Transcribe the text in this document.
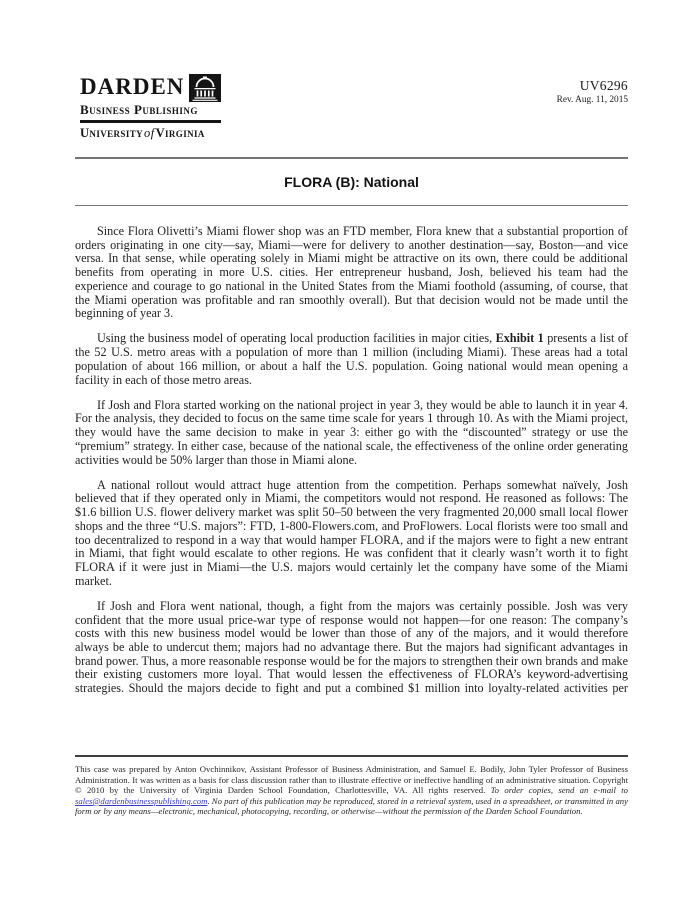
DARDEN
Business Publishing
UniversityofVirginia
UV6296
Rev. Aug. 11, 2015
FLORA (B): National

Since Flora Olivetti’s Miami flower shop was an FTD member, Flora knew that a substantial proportion of orders originating in one city—say, Miami—were for delivery to another destination—say, Boston—and vice versa. In that sense, while operating solely in Miami might be attractive on its own, there could be additional benefits from operating in more U.S. cities. Her entrepreneur husband, Josh, believed his team had the experience and courage to go national in the United States from the Miami foothold (assuming, of course, that the Miami operation was profitable and ran smoothly overall). But that decision would not be made until the beginning of year 3.

Using the business model of operating local production facilities in major cities, Exhibit 1 presents a list of the 52 U.S. metro areas with a population of more than 1 million (including Miami). These areas had a total population of about 166 million, or about a half the U.S. population. Going national would mean opening a facility in each of those metro areas.

If Josh and Flora started working on the national project in year 3, they would be able to launch it in year 4. For the analysis, they decided to focus on the same time scale for years 1 through 10. As with the Miami project, they would have the same decision to make in year 3: either go with the “discounted” strategy or use the “premium” strategy. In either case, because of the national scale, the effectiveness of the online order generating activities would be 50% larger than those in Miami alone.

A national rollout would attract huge attention from the competition. Perhaps somewhat naïvely, Josh believed that if they operated only in Miami, the competitors would not respond. He reasoned as follows: The $1.6 billion U.S. flower delivery market was split 50–50 between the very fragmented 20,000 small local flower shops and the three “U.S. majors”: FTD, 1-800-Flowers.com, and ProFlowers. Local florists were too small and too decentralized to respond in a way that would hamper FLORA, and if the majors were to fight a new entrant in Miami, that fight would escalate to other regions. He was confident that it clearly wasn’t worth it to fight FLORA if it were just in Miami—the U.S. majors would certainly let the company have some of the Miami market.

If Josh and Flora went national, though, a fight from the majors was certainly possible. Josh was very confident that the more usual price-war type of response would not happen—for one reason: The company’s costs with this new business model would be lower than those of any of the majors, and it would therefore always be able to undercut them; majors had no advantage there. But the majors had significant advantages in brand power. Thus, a more reasonable response would be for the majors to strengthen their own brands and make their existing customers more loyal. That would lessen the effectiveness of FLORA’s keyword-advertising strategies. Should the majors decide to fight and put a combined $1 million into loyalty-related activities per

This case was prepared by Anton Ovchinnikov, Assistant Professor of Business Administration, and Samuel E. Bodily, John Tyler Professor of Business Administration. It was written as a basis for class discussion rather than to illustrate effective or ineffective handling of an administrative situation. Copyright © 2010 by the University of Virginia Darden School Foundation, Charlottesville, VA. All rights reserved. To order copies, send an e-mail to sales@dardenbusinesspublishing.com. No part of this publication may be reproduced, stored in a retrieval system, used in a spreadsheet, or transmitted in any form or by any means—electronic, mechanical, photocopying, recording, or otherwise—without the permission of the Darden School Foundation.
